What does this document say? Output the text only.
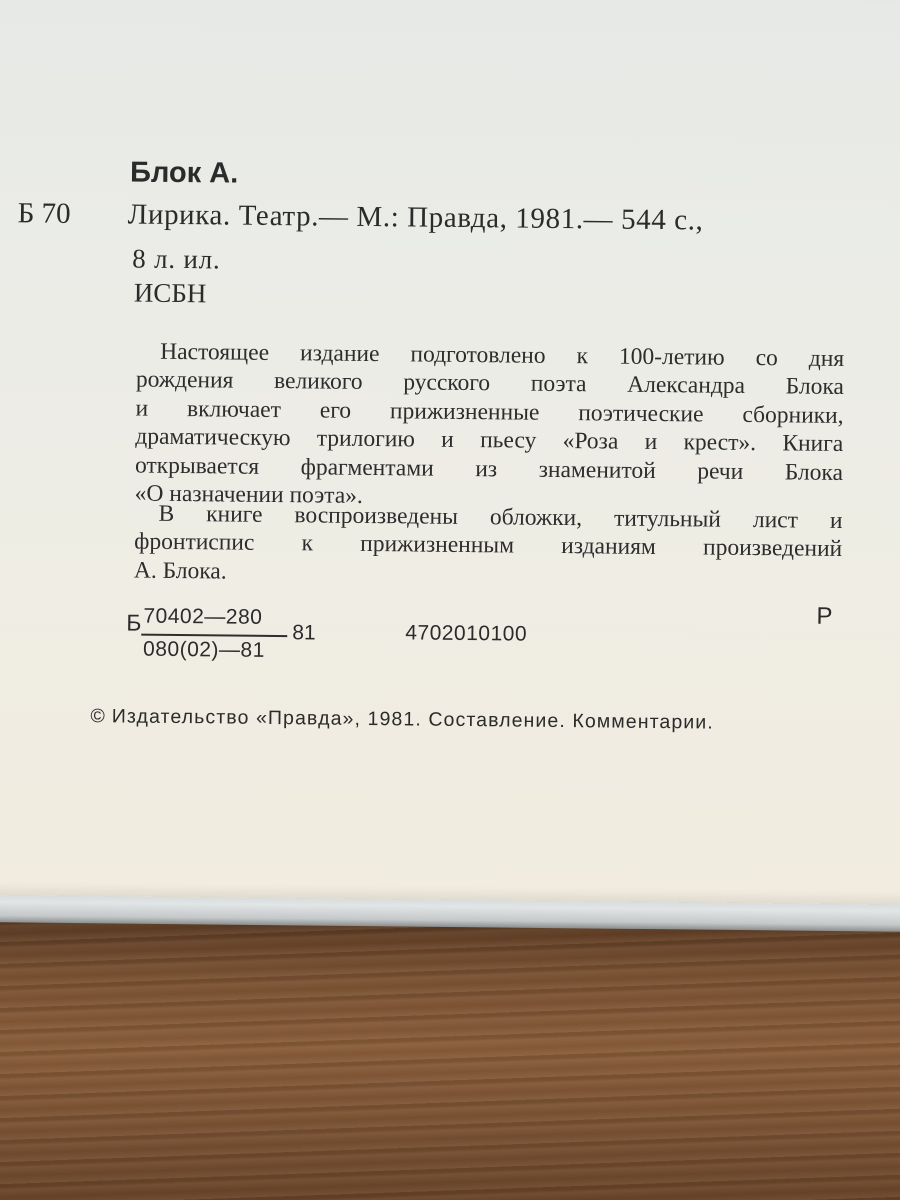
Блок А.
Б 70 Лирика. Театр.— М.: Правда, 1981.— 544 с.,
8 л. ил.
ИСБН
Настоящее издание подготовлено к 100-летию со дня
рождения великого русского поэта Александра Блока
и включает его прижизненные поэтические сборники,
драматическую трилогию и пьесу «Роза и крест». Книга
открывается фрагментами из знаменитой речи Блока
«О назначении поэта».
В книге воспроизведены обложки, титульный лист и
фронтиспис к прижизненным изданиям произведений
А. Блока.
Б 70402—280
080(02)—81
81	4702010100
Р
© Издательство «Правда», 1981. Составление. Комментарии.
